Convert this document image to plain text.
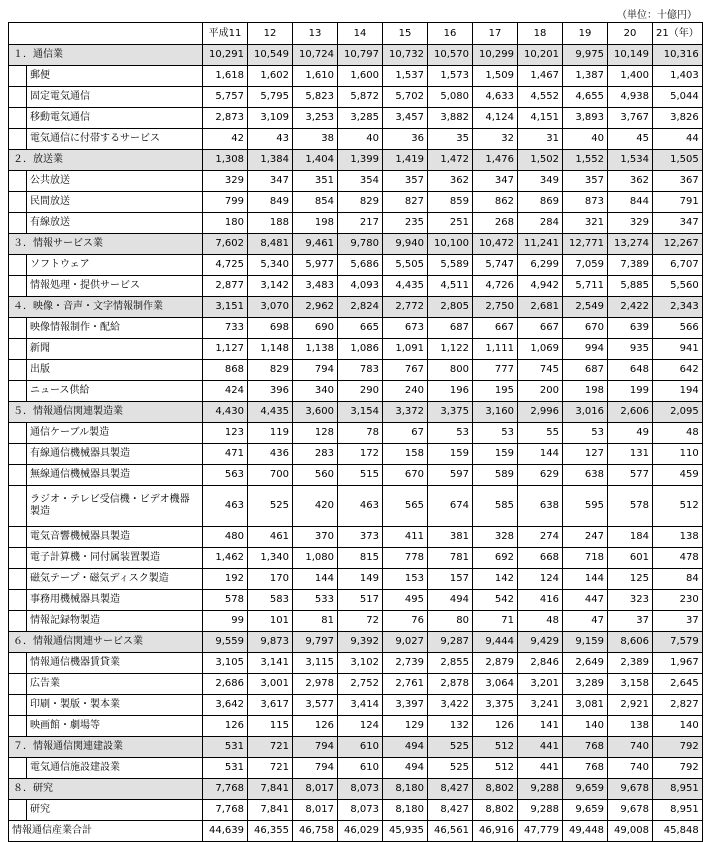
（単位：十億円）
		平成11	12	13	14	15	16	17	18	19	20	21（年）
１．通信業		10,291	10,549	10,724	10,797	10,732	10,570	10,299	10,201	9,975	10,149	10,316
	郵便	1,618	1,602	1,610	1,600	1,537	1,573	1,509	1,467	1,387	1,400	1,403
	固定電気通信	5,757	5,795	5,823	5,872	5,702	5,080	4,633	4,552	4,655	4,938	5,044
	移動電気通信	2,873	3,109	3,253	3,285	3,457	3,882	4,124	4,151	3,893	3,767	3,826
	電気通信に付帯するサービス	42	43	38	40	36	35	32	31	40	45	44
２．放送業		1,308	1,384	1,404	1,399	1,419	1,472	1,476	1,502	1,552	1,534	1,505
	公共放送	329	347	351	354	357	362	347	349	357	362	367
	民間放送	799	849	854	829	827	859	862	869	873	844	791
	有線放送	180	188	198	217	235	251	268	284	321	329	347
３．情報サービス業		7,602	8,481	9,461	9,780	9,940	10,100	10,472	11,241	12,771	13,274	12,267
	ソフトウェア	4,725	5,340	5,977	5,686	5,505	5,589	5,747	6,299	7,059	7,389	6,707
	情報処理・提供サービス	2,877	3,142	3,483	4,093	4,435	4,511	4,726	4,942	5,711	5,885	5,560
４．映像・音声・文字情報制作業		3,151	3,070	2,962	2,824	2,772	2,805	2,750	2,681	2,549	2,422	2,343
	映像情報制作・配給	733	698	690	665	673	687	667	667	670	639	566
	新聞	1,127	1,148	1,138	1,086	1,091	1,122	1,111	1,069	994	935	941
	出版	868	829	794	783	767	800	777	745	687	648	642
	ニュース供給	424	396	340	290	240	196	195	200	198	199	194
５．情報通信関連製造業		4,430	4,435	3,600	3,154	3,372	3,375	3,160	2,996	3,016	2,606	2,095
	通信ケーブル製造	123	119	128	78	67	53	53	55	53	49	48
	有線通信機械器具製造	471	436	283	172	158	159	159	144	127	131	110
	無線通信機械器具製造	563	700	560	515	670	597	589	629	638	577	459
	ラジオ・テレビ受信機・ビデオ機器製造	463	525	420	463	565	674	585	638	595	578	512
	電気音響機械器具製造	480	461	370	373	411	381	328	274	247	184	138
	電子計算機・同付属装置製造	1,462	1,340	1,080	815	778	781	692	668	718	601	478
	磁気テープ・磁気ディスク製造	192	170	144	149	153	157	142	124	144	125	84
	事務用機械器具製造	578	583	533	517	495	494	542	416	447	323	230
	情報記録物製造	99	101	81	72	76	80	71	48	47	37	37
６．情報通信関連サービス業		9,559	9,873	9,797	9,392	9,027	9,287	9,444	9,429	9,159	8,606	7,579
	情報通信機器賃貸業	3,105	3,141	3,115	3,102	2,739	2,855	2,879	2,846	2,649	2,389	1,967
	広告業	2,686	3,001	2,978	2,752	2,761	2,878	3,064	3,201	3,289	3,158	2,645
	印刷・製版・製本業	3,642	3,617	3,577	3,414	3,397	3,422	3,375	3,241	3,081	2,921	2,827
	映画館・劇場等	126	115	126	124	129	132	126	141	140	138	140
７．情報通信関連建設業		531	721	794	610	494	525	512	441	768	740	792
	電気通信施設建設業	531	721	794	610	494	525	512	441	768	740	792
８．研究		7,768	7,841	8,017	8,073	8,180	8,427	8,802	9,288	9,659	9,678	8,951
	研究	7,768	7,841	8,017	8,073	8,180	8,427	8,802	9,288	9,659	9,678	8,951
情報通信産業合計		44,639	46,355	46,758	46,029	45,935	46,561	46,916	47,779	49,448	49,008	45,848
